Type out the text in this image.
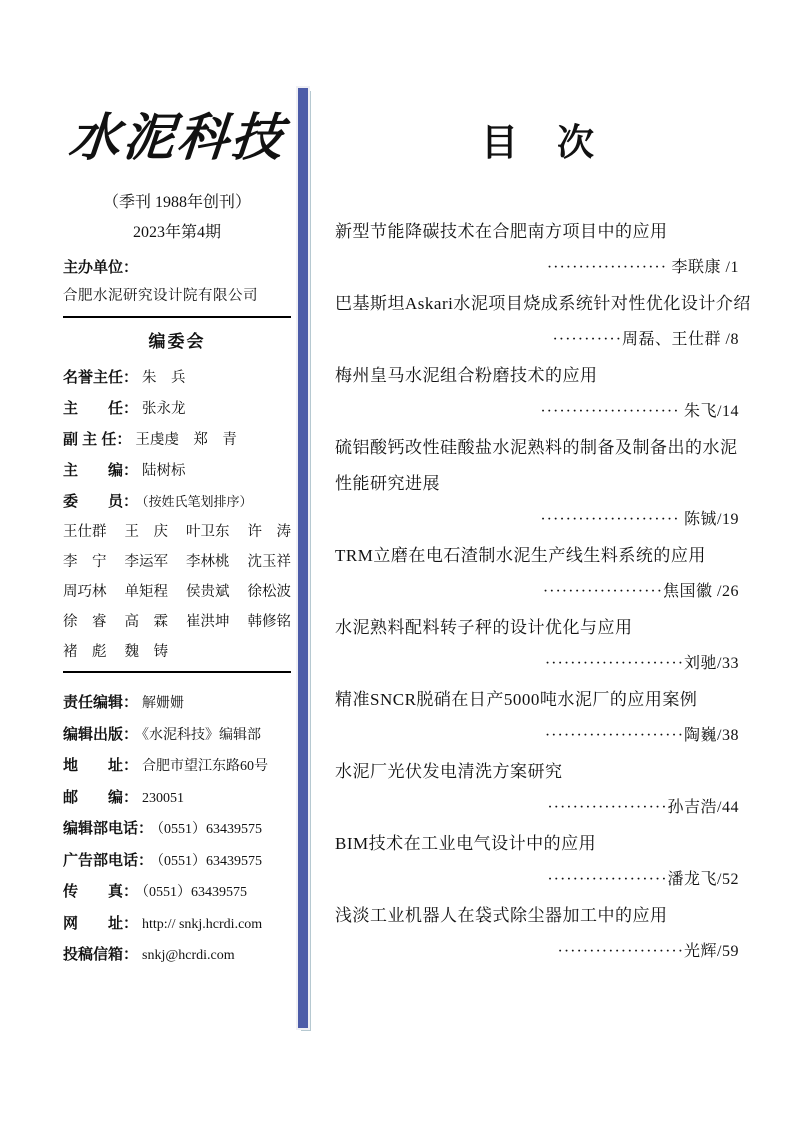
水泥科技
（季刊 1988年创刊）
2023年第4期
主办单位：
合肥水泥研究设计院有限公司
编委会
名誉主任： 朱　兵
主　　任： 张永龙
副 主 任： 王虔虔　郑　青
主　　编： 陆树标
委　　员： （按姓氏笔划排序）
王仕群 王　庆 叶卫东 许　涛
李　宁 李运军 李林桃 沈玉祥
周巧林 单矩程 侯贵斌 徐松波
徐　睿 高　霖 崔洪坤 韩修铭
褚　彪 魏　铸
责任编辑： 解姗姗
编辑出版： 《水泥科技》编辑部
地　　址： 合肥市望江东路60号
邮　　编： 230051
编辑部电话： （0551）63439575
广告部电话： （0551）63439575
传　　真： （0551）63439575
网　　址： http:// snkj.hcrdi.com
投稿信箱： snkj@hcrdi.com
目　次
新型节能降碳技术在合肥南方项目中的应用
··················· 李联康 /1
巴基斯坦Askari水泥项目烧成系统针对性优化设计介绍
···········周磊、王仕群 /8
梅州皇马水泥组合粉磨技术的应用
······················ 朱飞/14
硫铝酸钙改性硅酸盐水泥熟料的制备及制备出的水泥
性能研究进展
······················ 陈铖/19
TRM立磨在电石渣制水泥生产线生料系统的应用
···················焦国徽 /26
水泥熟料配料转子秤的设计优化与应用
······················刘驰/33
精准SNCR脱硝在日产5000吨水泥厂的应用案例
······················陶巍/38
水泥厂光伏发电清洗方案研究
···················孙吉浩/44
BIM技术在工业电气设计中的应用
···················潘龙飞/52
浅淡工业机器人在袋式除尘器加工中的应用
····················光辉/59
